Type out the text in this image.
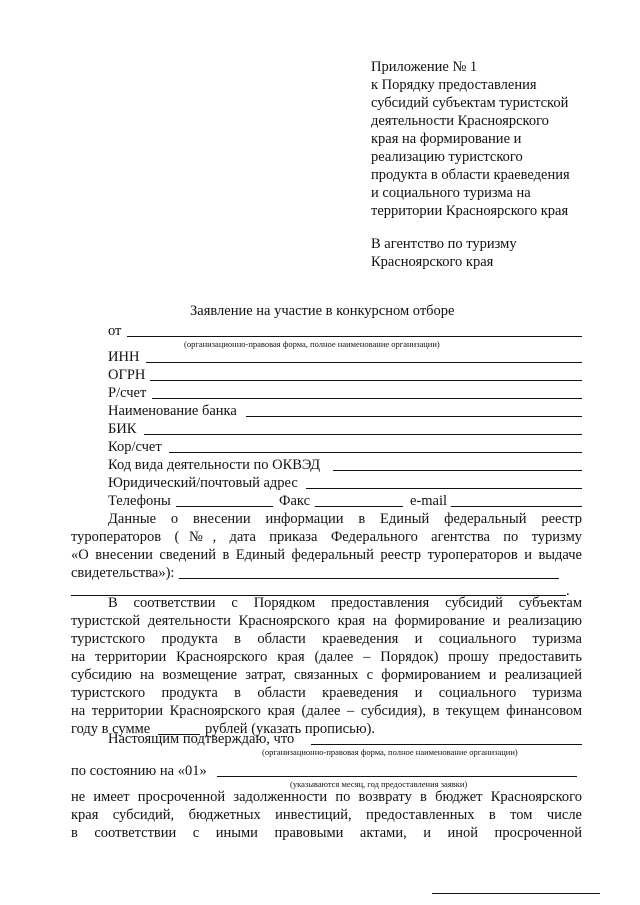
Приложение № 1
к Порядку предоставления
субсидий субъектам туристской
деятельности Красноярского
края на формирование и
реализацию туристского
продукта в области краеведения
и социального туризма на
территории Красноярского края
В агентство по туризму
Красноярского края
Заявление на участие в конкурсном отборе
от
(организационно-правовая форма, полное наименование организации)
ИНН
ОГРН
Р/счет
Наименование банка
БИК
Кор/счет
Код вида деятельности по ОКВЭД
Юридический/почтовый адрес
Телефоны	Факс	e-mail
Данные о внесении информации в Единый федеральный реестр
туроператоров (№, дата приказа Федерального агентства по туризму
«О внесении сведений в Единый федеральный реестр туроператоров и выдаче
свидетельства»):
.
В соответствии с Порядком предоставления субсидий субъектам
туристской деятельности Красноярского края на формирование и реализацию
туристского продукта в области краеведения и социального туризма
на территории Красноярского края (далее – Порядок) прошу предоставить
субсидию на возмещение затрат, связанных с формированием и реализацией
туристского продукта в области краеведения и социального туризма
на территории Красноярского края (далее – субсидия), в текущем финансовом
году в сумме	рублей (указать прописью).
Настоящим подтверждаю, что
(организационно-правовая форма, полное наименование организации)
по состоянию на «01»
(указываются месяц, год предоставления заявки)
не имеет просроченной задолженности по возврату в бюджет Красноярского
края субсидий, бюджетных инвестиций, предоставленных в том числе
в соответствии с иными правовыми актами, и иной просроченной
